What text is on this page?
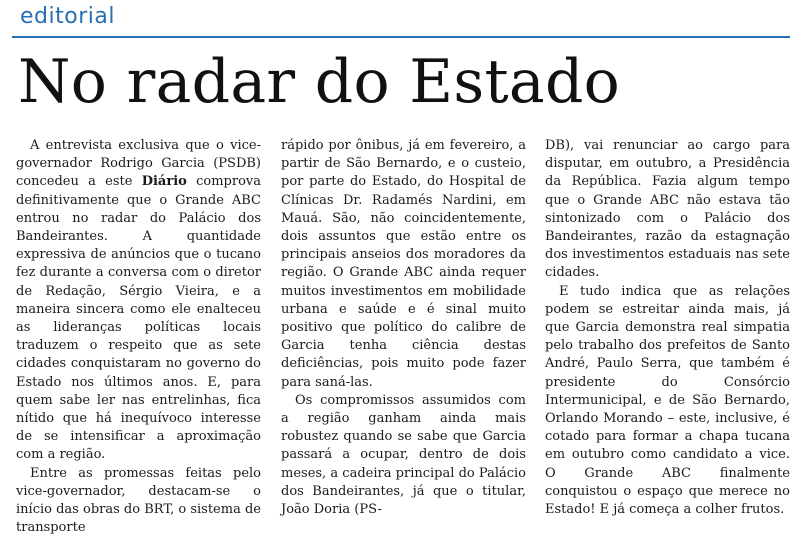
editorial
No radar do Estado

A entrevista exclusiva que o vice-governador Rodrigo Garcia (PSDB) concedeu a este Diário comprova definitivamente que o Grande ABC entrou no radar do Palácio dos Bandeirantes. A quantidade expressiva de anúncios que o tucano fez durante a conversa com o diretor de Redação, Sérgio Vieira, e a maneira sincera como ele enalteceu as lideranças políticas locais traduzem o respeito que as sete cidades conquistaram no governo do Estado nos últimos anos. E, para quem sabe ler nas entrelinhas, fica nítido que há inequívoco interesse de se intensificar a aproximação com a região.

Entre as promessas feitas pelo vice-governador, destacam-se o início das obras do BRT, o sistema de transporte

rápido por ônibus, já em fevereiro, a partir de São Bernardo, e o custeio, por parte do Estado, do Hospital de Clínicas Dr. Radamés Nardini, em Mauá. São, não coincidentemente, dois assuntos que estão entre os principais anseios dos moradores da região. O Grande ABC ainda requer muitos investimentos em mobilidade urbana e saúde e é sinal muito positivo que político do calibre de Garcia tenha ciência destas deficiências, pois muito pode fazer para saná-las.

Os compromissos assumidos com a região ganham ainda mais robustez quando se sabe que Garcia passará a ocupar, dentro de dois meses, a cadeira principal do Palácio dos Bandeirantes, já que o titular, João Doria (PS-

DB), vai renunciar ao cargo para disputar, em outubro, a Presidência da República. Fazia algum tempo que o Grande ABC não estava tão sintonizado com o Palácio dos Bandeirantes, razão da estagnação dos investimentos estaduais nas sete cidades.

E tudo indica que as relações podem se estreitar ainda mais, já que Garcia demonstra real simpatia pelo trabalho dos prefeitos de Santo André, Paulo Serra, que também é presidente do Consórcio Intermunicipal, e de São Bernardo, Orlando Morando – este, inclusive, é cotado para formar a chapa tucana em outubro como candidato a vice. O Grande ABC finalmente conquistou o espaço que merece no Estado! E já começa a colher frutos.
